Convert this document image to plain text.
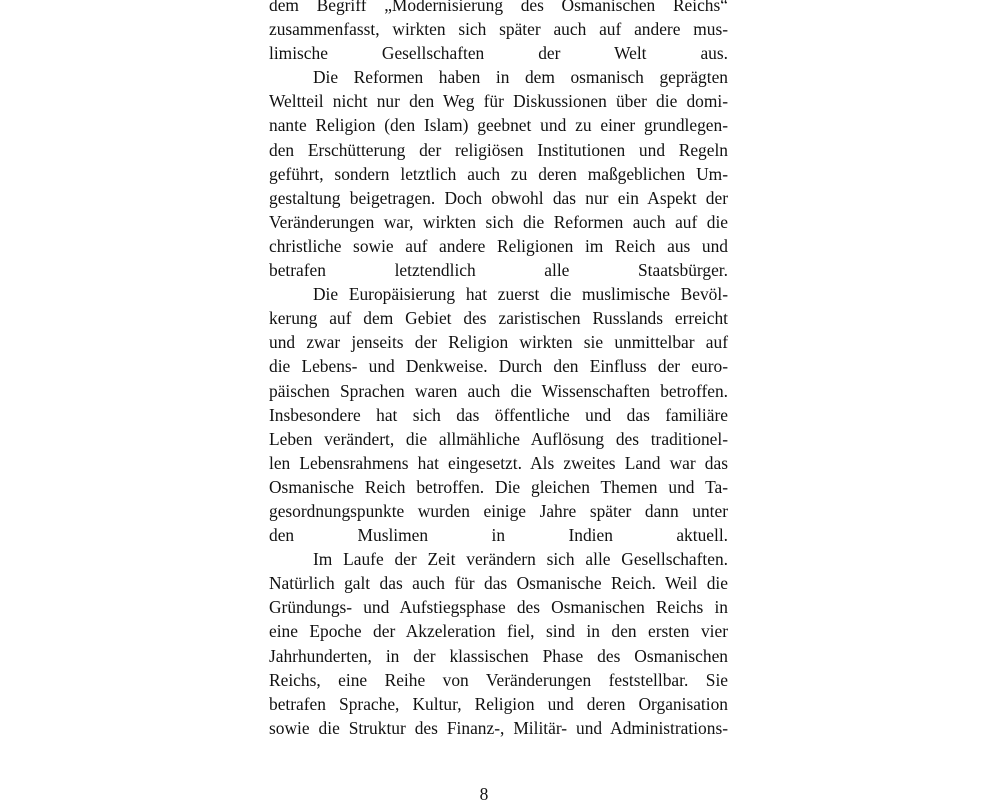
dem Begriff „Modernisierung des Osmanischen Reichs“
zusammenfasst, wirkten sich später auch auf andere mus-
limische Gesellschaften der Welt aus.

Die Reformen haben in dem osmanisch geprägten
Weltteil nicht nur den Weg für Diskussionen über die domi-
nante Religion (den Islam) geebnet und zu einer grundlegen-
den Erschütterung der religiösen Institutionen und Regeln
geführt, sondern letztlich auch zu deren maßgeblichen Um-
gestaltung beigetragen. Doch obwohl das nur ein Aspekt der
Veränderungen war, wirkten sich die Reformen auch auf die
christliche sowie auf andere Religionen im Reich aus und
betrafen letztendlich alle Staatsbürger.

Die Europäisierung hat zuerst die muslimische Bevöl-
kerung auf dem Gebiet des zaristischen Russlands erreicht
und zwar jenseits der Religion wirkten sie unmittelbar auf
die Lebens- und Denkweise. Durch den Einfluss der euro-
päischen Sprachen waren auch die Wissenschaften betroffen.
Insbesondere hat sich das öffentliche und das familiäre
Leben verändert, die allmähliche Auflösung des traditionel-
len Lebensrahmens hat eingesetzt. Als zweites Land war das
Osmanische Reich betroffen. Die gleichen Themen und Ta-
gesordnungspunkte wurden einige Jahre später dann unter
den Muslimen in Indien aktuell.

Im Laufe der Zeit verändern sich alle Gesellschaften.
Natürlich galt das auch für das Osmanische Reich. Weil die
Gründungs- und Aufstiegsphase des Osmanischen Reichs in
eine Epoche der Akzeleration fiel, sind in den ersten vier
Jahrhunderten, in der klassischen Phase des Osmanischen
Reichs, eine Reihe von Veränderungen feststellbar. Sie
betrafen Sprache, Kultur, Religion und deren Organisation
sowie die Struktur des Finanz-, Militär- und Administrations-

8
